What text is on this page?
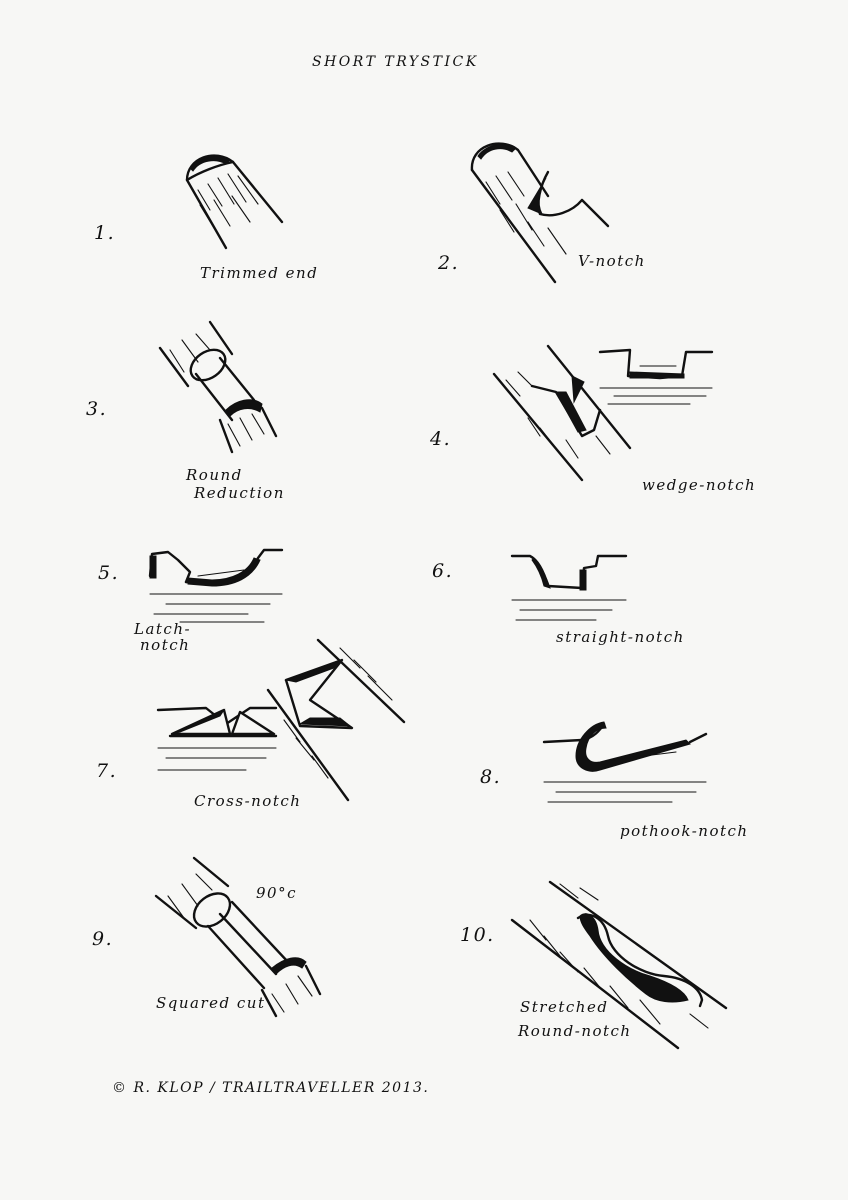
SHORT TRYSTICK
1.
2.
3.
4.
5.	6.
7.	8.
9.	10.
Trimmed end
V-notch
Round
Reduction	wedge-notch
Latch-
notch	straight-notch
Cross-notch
pothook-notch
90°c
Squared cut	Stretched
Round-notch
© R. KLOP / TRAILTRAVELLER 2013.
